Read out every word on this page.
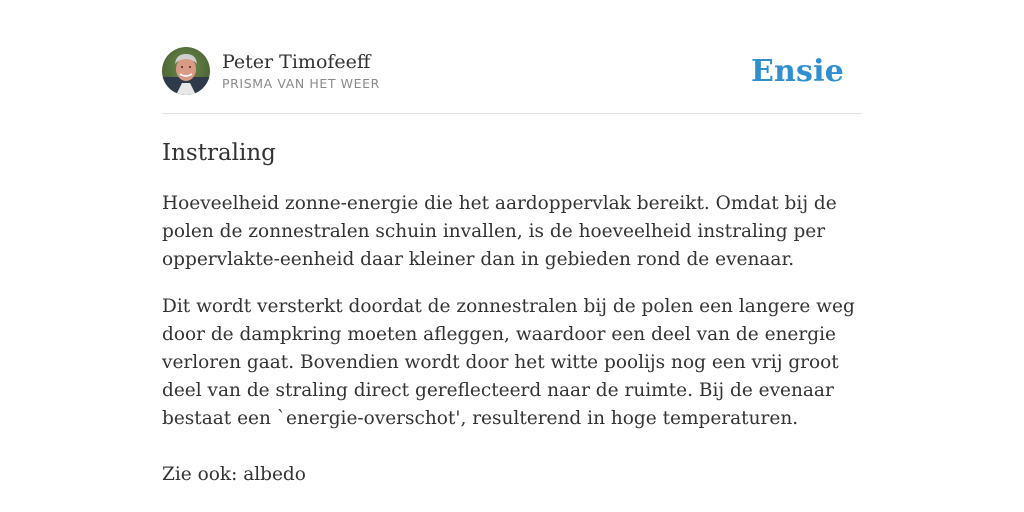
Peter Timofeeff
PRISMA VAN HET WEER	Ensie
Instraling

Hoeveelheid zonne-energie die het aardoppervlak bereikt. Omdat bij de polen de zonnestralen schuin invallen, is de hoeveelheid instraling per oppervlakte-eenheid daar kleiner dan in gebieden rond de evenaar.

Dit wordt versterkt doordat de zonnestralen bij de polen een langere weg door de dampkring moeten afleggen, waardoor een deel van de energie verloren gaat. Bovendien wordt door het witte poolijs nog een vrij groot deel van de straling direct gereflecteerd naar de ruimte. Bij de evenaar bestaat een `energie-overschot', resulterend in hoge temperaturen.

Zie ook: albedo
